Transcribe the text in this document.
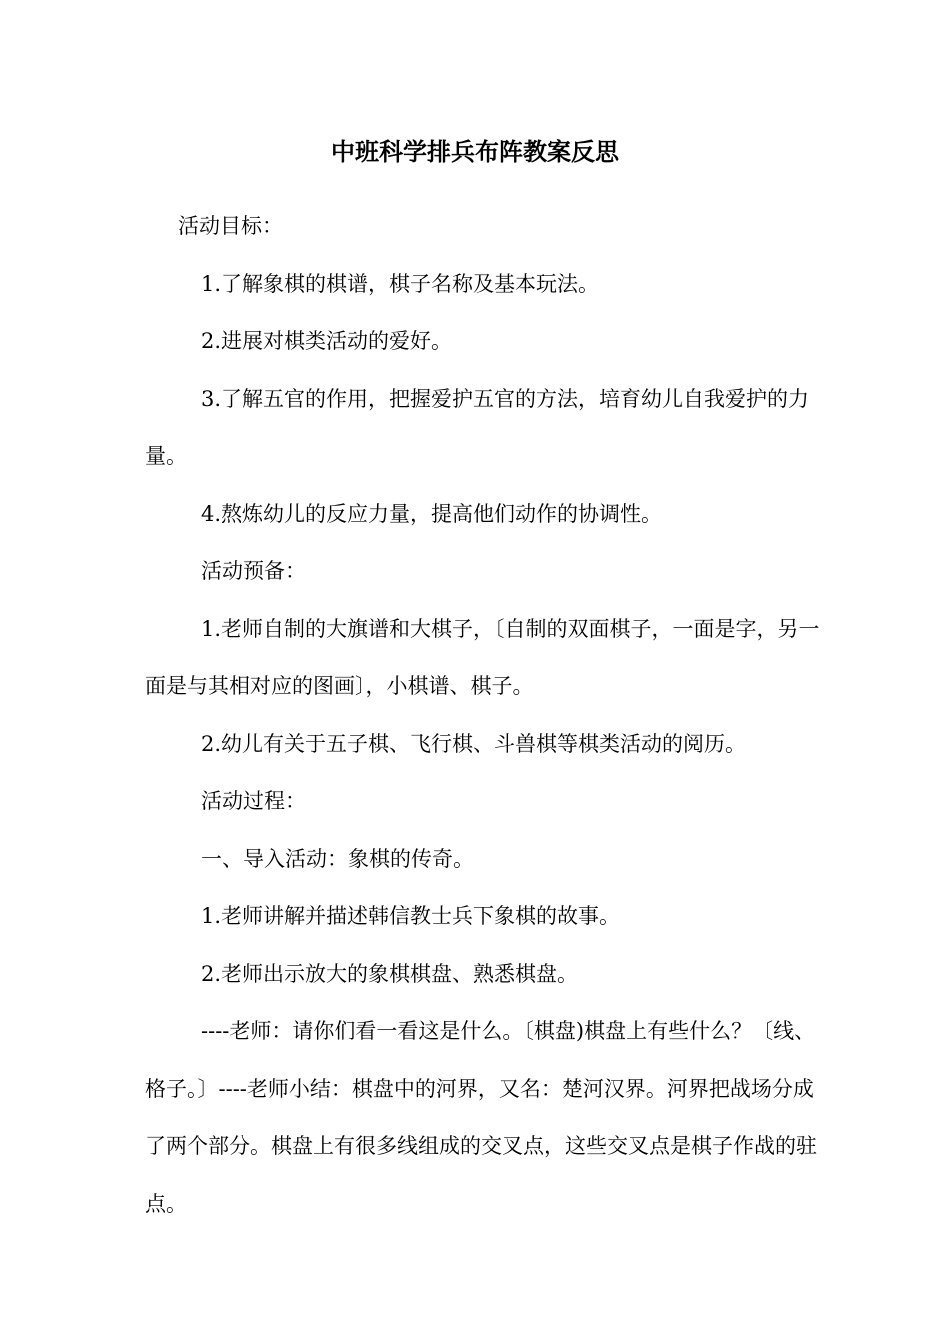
中班科学排兵布阵教案反思

活动目标：

1.了解象棋的棋谱，棋子名称及基本玩法。

2.进展对棋类活动的爱好。

3.了解五官的作用，把握爱护五官的方法，培育幼儿自我爱护的力量。

4.熬炼幼儿的反应力量，提高他们动作的协调性。

活动预备：

1.老师自制的大旗谱和大棋子，〔自制的双面棋子，一面是字，另一面是与其相对应的图画〕，小棋谱、棋子。

2.幼儿有关于五子棋、飞行棋、斗兽棋等棋类活动的阅历。

活动过程：

一、导入活动：象棋的传奇。

1.老师讲解并描述韩信教士兵下象棋的故事。

2.老师出示放大的象棋棋盘、熟悉棋盘。

----老师：请你们看一看这是什么。〔棋盘)棋盘上有些什么？〔线、格子。〕----老师小结：棋盘中的河界，又名：楚河汉界。河界把战场分成了两个部分。棋盘上有很多线组成的交叉点，这些交叉点是棋子作战的驻点。
